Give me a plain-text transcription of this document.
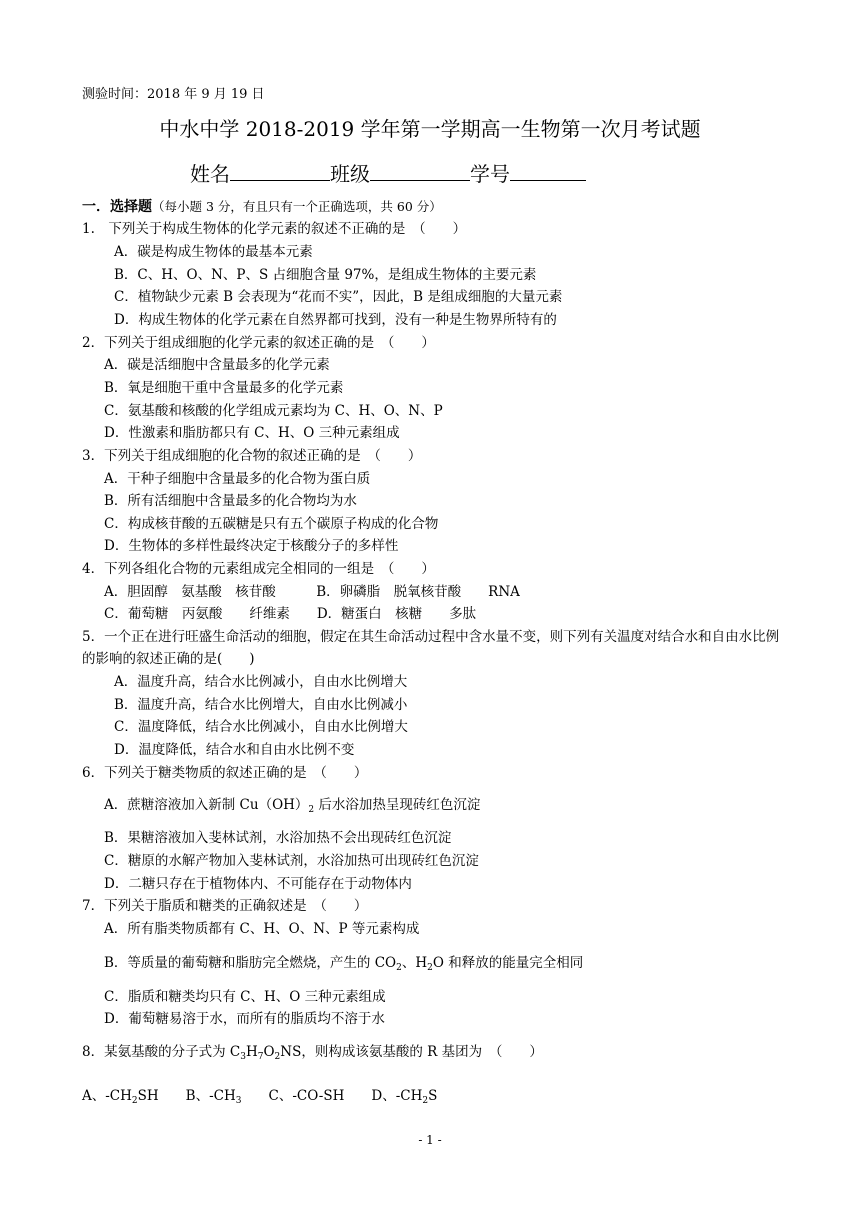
测验时间：2018 年 9 月 19 日
中水中学 2018-2019 学年第一学期高一生物第一次月考试题
姓名	班级	学号
一．选择题（每小题 3 分，有且只有一个正确选项，共 60 分）
1.　下列关于构成生物体的化学元素的叙述不正确的是　（　　）
A．碳是构成生物体的最基本元素
B．C、H、O、N、P、S 占细胞含量 97%，是组成生物体的主要元素
C．植物缺少元素 B 会表现为“花而不实”，因此，B 是组成细胞的大量元素
D．构成生物体的化学元素在自然界都可找到，没有一种是生物界所特有的
2．下列关于组成细胞的化学元素的叙述正确的是　（　　）
A．碳是活细胞中含量最多的化学元素
B．氧是细胞干重中含量最多的化学元素
C．氨基酸和核酸的化学组成元素均为 C、H、O、N、P
D．性激素和脂肪都只有 C、H、O 三种元素组成
3．下列关于组成细胞的化合物的叙述正确的是　（　　）
A．干种子细胞中含量最多的化合物为蛋白质
B．所有活细胞中含量最多的化合物均为水
C．构成核苷酸的五碳糖是只有五个碳原子构成的化合物
D．生物体的多样性最终决定于核酸分子的多样性
4．下列各组化合物的元素组成完全相同的一组是　（　　）
A．胆固醇　氨基酸　核苷酸　　　B．卵磷脂　脱氧核苷酸　　RNA
C．葡萄糖　丙氨酸　　纤维素　　D．糖蛋白　核糖　　多肽
5．一个正在进行旺盛生命活动的细胞，假定在其生命活动过程中含水量不变，则下列有关温度对结合水和自由水比例的影响的叙述正确的是(　　)
A．温度升高，结合水比例减小，自由水比例增大
B．温度升高，结合水比例增大，自由水比例减小
C．温度降低，结合水比例减小，自由水比例增大
D．温度降低，结合水和自由水比例不变
6．下列关于糖类物质的叙述正确的是　（　　）
A．蔗糖溶液加入新制 $Cu(OH)_2$ 后水浴加热呈现砖红色沉淀
B．果糖溶液加入斐林试剂，水浴加热不会出现砖红色沉淀
C．糖原的水解产物加入斐林试剂，水浴加热可出现砖红色沉淀
D．二糖只存在于植物体内、不可能存在于动物体内
7．下列关于脂质和糖类的正确叙述是　（　　）
A．所有脂类物质都有 C、H、O、N、P 等元素构成
B．等质量的葡萄糖和脂肪完全燃烧，产生的 $CO_2$、$H_2O$ 和释放的能量完全相同
C．脂质和糖类均只有 C、H、O 三种元素组成
D．葡萄糖易溶于水，而所有的脂质均不溶于水
8．某氨基酸的分子式为 $C_3H_7O_2NS$，则构成该氨基酸的 R 基团为　（　　）
A、$-CH_2SH$　　B、$-CH_3$　　C、-CO-SH　　D、$-CH_2S$
- 1 -
